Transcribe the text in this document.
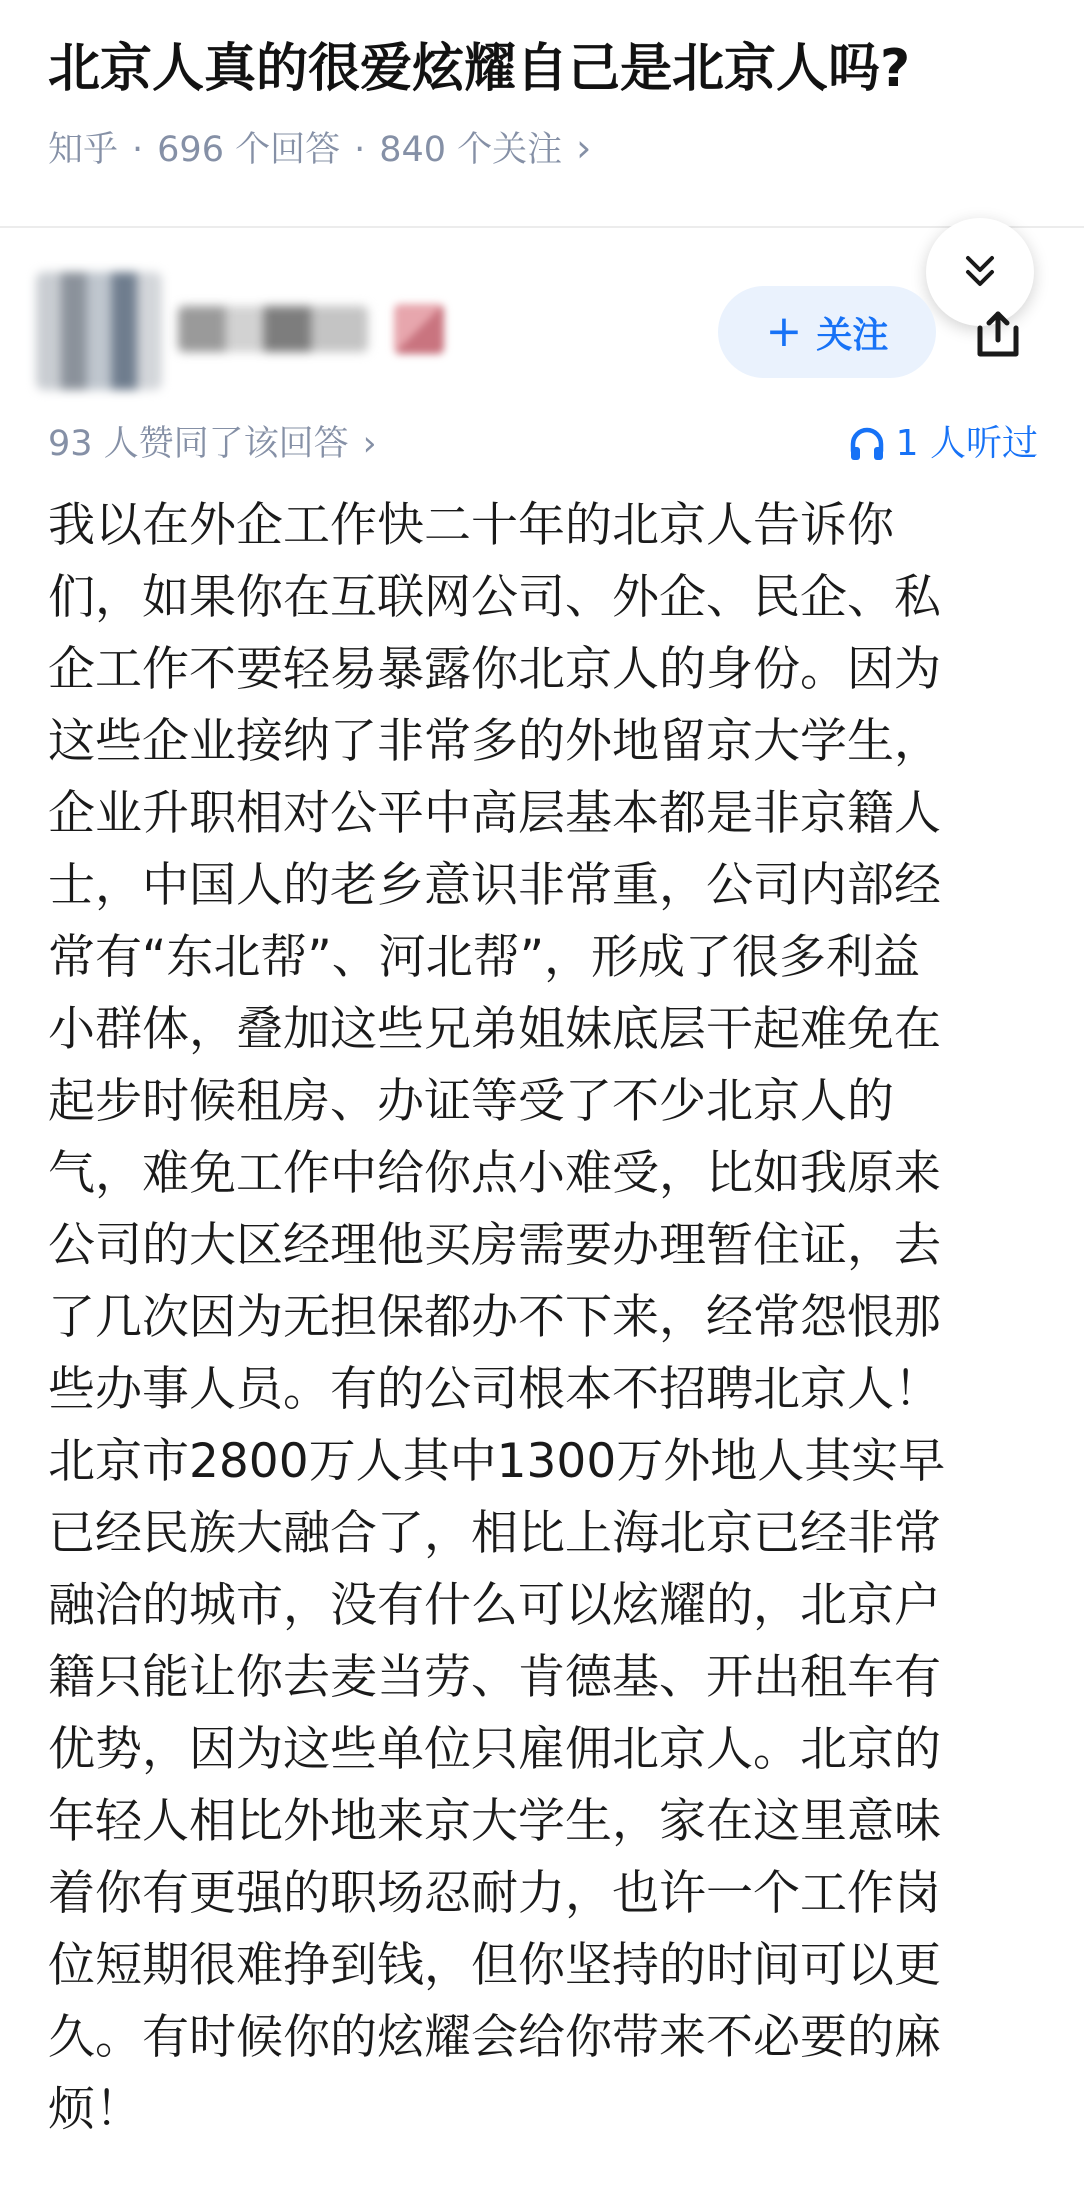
北京人真的很爱炫耀自己是北京人吗?
知乎 · 696 个回答 · 840 个关注 ›
+ 关注
93 人赞同了该回答 ›	1 人听过
我以在外企工作快二十年的北京人告诉你
们，如果你在互联网公司、外企、民企、私
企工作不要轻易暴露你北京人的身份。因为
这些企业接纳了非常多的外地留京大学生，
企业升职相对公平中高层基本都是非京籍人
士，中国人的老乡意识非常重，公司内部经
常有“东北帮”、河北帮”，形成了很多利益
小群体，叠加这些兄弟姐妹底层干起难免在
起步时候租房、办证等受了不少北京人的
气，难免工作中给你点小难受，比如我原来
公司的大区经理他买房需要办理暂住证，去
了几次因为无担保都办不下来，经常怨恨那
些办事人员。有的公司根本不招聘北京人！
北京市2800万人其中1300万外地人其实早
已经民族大融合了，相比上海北京已经非常
融洽的城市，没有什么可以炫耀的，北京户
籍只能让你去麦当劳、肯德基、开出租车有
优势，因为这些单位只雇佣北京人。北京的
年轻人相比外地来京大学生，家在这里意味
着你有更强的职场忍耐力，也许一个工作岗
位短期很难挣到钱，但你坚持的时间可以更
久。有时候你的炫耀会给你带来不必要的麻
烦！
